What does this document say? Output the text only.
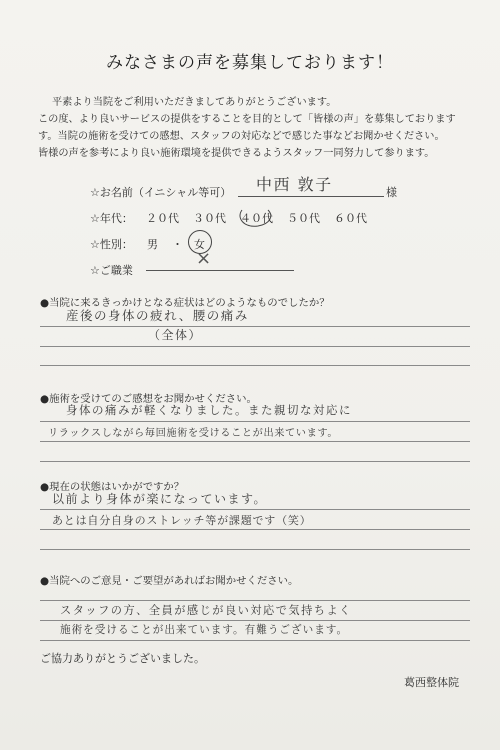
みなさまの声を募集しております！
平素より当院をご利用いただきましてありがとうございます。
この度、より良いサービスの提供をすることを目的として「皆様の声」を募集しております
す。当院の施術を受けての感想、スタッフの対応などで感じた事などお聞かせください。
皆様の声を参考により良い施術環境を提供できるようスタッフ一同努力して参ります。
☆お名前（イニシャル等可） 中西 敦子	様
☆年代： ２０代 ３０代 ４０代 ５０代 ６０代
☆性別： 男 ・ 女
☆ご職業
×
●当院に来るきっかけとなる症状はどのようなものでしたか？
産後の身体の疲れ、腰の痛み
（全体）
●施術を受けてのご感想をお聞かせください。
身体の痛みが軽くなりました。また親切な対応に
リラックスしながら毎回施術を受けることが出来ています。
●現在の状態はいかがですか？
以前より身体が楽になっています。
あとは自分自身のストレッチ等が課題です（笑）
●当院へのご意見・ご要望があればお聞かせください。
スタッフの方、全員が感じが良い対応で気持ちよく
施術を受けることが出来ています。有難うございます。
ご協力ありがとうございました。
葛西整体院
